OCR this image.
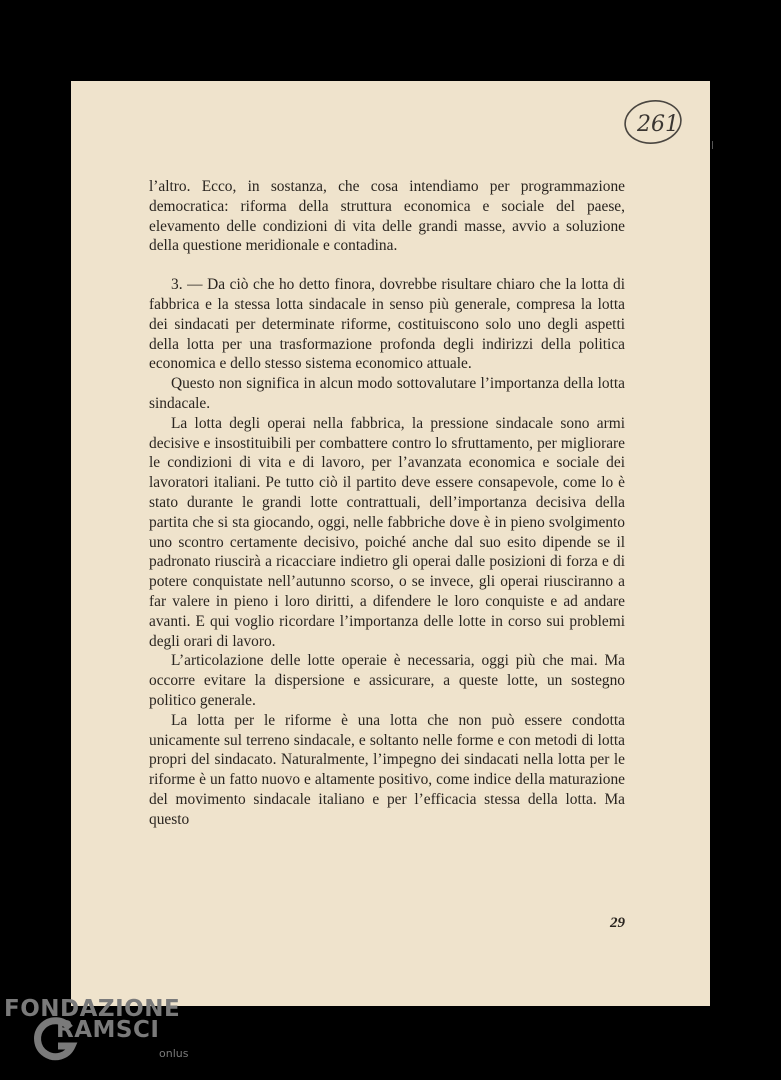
261

l’altro. Ecco, in sostanza, che cosa intendiamo per programmazione democratica: riforma della struttura economica e sociale del paese, elevamento delle condizioni di vita delle grandi masse, avvio a soluzione della questione meridionale e contadina.

3. — Da ciò che ho detto finora, dovrebbe risultare chiaro che la lotta di fabbrica e la stessa lotta sindacale in senso più generale, compresa la lotta dei sindacati per determinate riforme, costituiscono solo uno degli aspetti della lotta per una trasformazione profonda degli indirizzi della politica economica e dello stesso sistema economico attuale.

Questo non significa in alcun modo sottovalutare l’importanza della lotta sindacale.

La lotta degli operai nella fabbrica, la pressione sindacale sono armi decisive e insostituibili per combattere contro lo sfruttamento, per migliorare le condizioni di vita e di lavoro, per l’avanzata economica e sociale dei lavoratori italiani. Pe tutto ciò il partito deve essere consapevole, come lo è stato durante le grandi lotte contrattuali, dell’importanza decisiva della partita che si sta giocando, oggi, nelle fabbriche dove è in pieno svolgimento uno scontro certamente decisivo, poiché anche dal suo esito dipende se il padronato riuscirà a ricacciare indietro gli operai dalle posizioni di forza e di potere conquistate nell’autunno scorso, o se invece, gli operai riusciranno a far valere in pieno i loro diritti, a difendere le loro conquiste e ad andare avanti. E qui voglio ricordare l’importanza delle lotte in corso sui problemi degli orari di lavoro.

L’articolazione delle lotte operaie è necessaria, oggi più che mai. Ma occorre evitare la dispersione e assicurare, a queste lotte, un sostegno politico generale.

La lotta per le riforme è una lotta che non può essere condotta unicamente sul terreno sindacale, e soltanto nelle forme e con metodi di lotta propri del sindacato. Naturalmente, l’impegno dei sindacati nella lotta per le riforme è un fatto nuovo e altamente positivo, come indice della maturazione del movimento sindacale italiano e per l’efficacia stessa della lotta. Ma questo

29
FONDAZIONE
RAMSCI
onlus
